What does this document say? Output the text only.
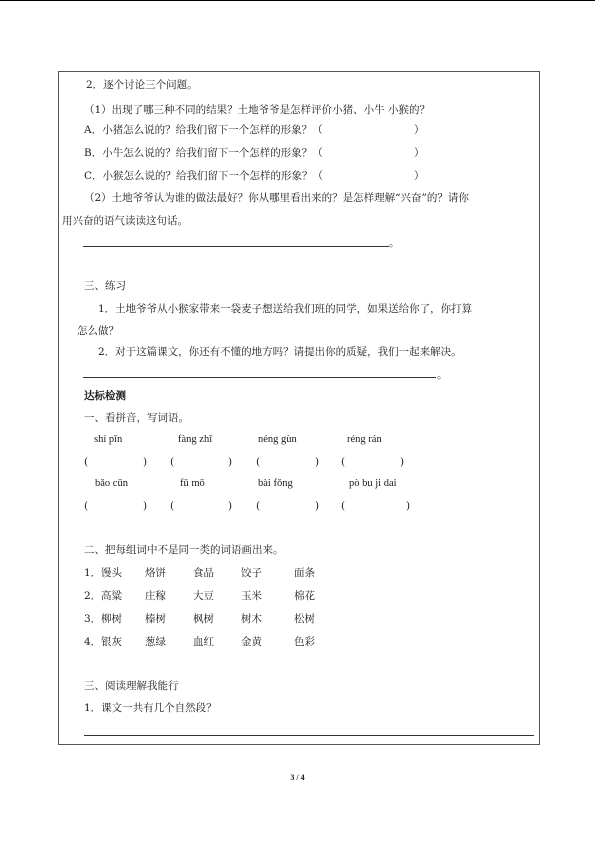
2．逐个讨论三个问题。
（1）出现了哪三种不同的结果？土地爷爷是怎样评价小猪、小牛 小猴的？
A．小猪怎么说的？给我们留下一个怎样的形象？（	）
B．小牛怎么说的？给我们留下一个怎样的形象？（	）
C．小猴怎么说的？给我们留下一个怎样的形象？（	）
（2）土地爷爷认为谁的做法最好？你从哪里看出来的？是怎样理解“兴奋”的？请你
用兴奋的语气读读这句话。
。
三、练习
1．土地爷爷从小猴家带来一袋麦子想送给我们班的同学，如果送给你了，你打算
怎么做？
2．对于这篇课文，你还有不懂的地方吗？请提出你的质疑，我们一起来解决。
。
达标检测
一、看拼音，写词语。
shí pǐn	fàng zhī	néng gùn	réng rán
(	) (	) (	) (	)
bǎo cūn	fǔ mō	bài fǒng	pò bu ji dai
(	) (	) (	) (	)
二、把每组词中不是同一类的词语画出来。
1． 馒头 烙饼	食品	饺子	面条
2． 高粱 庄稼	大豆	玉米	棉花
3． 柳树 榛树	枫树	树木	松树
4． 银灰 葱绿	血红	金黄	色彩
三、阅读理解我能行
1．课文一共有几个自然段？
3 / 4
